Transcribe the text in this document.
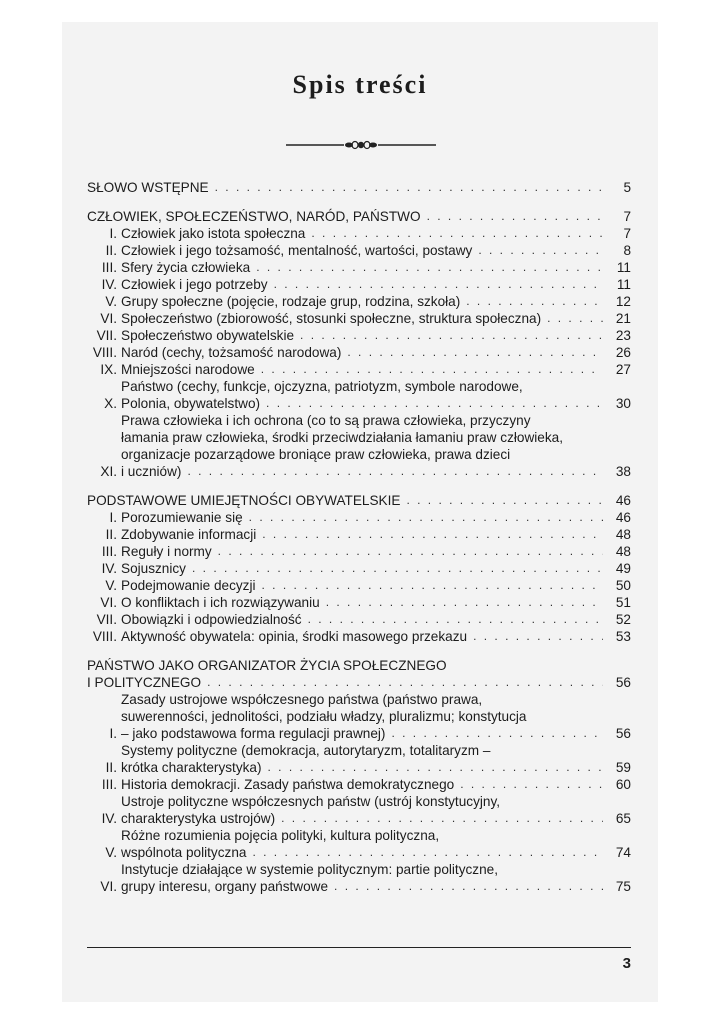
Spis treści
SŁOWO WSTĘPNE . . .	5
CZŁOWIEK, SPOŁECZEŃSTWO, NARÓD, PAŃSTWO . . .	7
I. Człowiek jako istota społeczna . . .	7
II. Człowiek i jego tożsamość, mentalność, wartości, postawy . . .	8
III. Sfery życia człowieka . . .	11
IV. Człowiek i jego potrzeby . . .	11
V. Grupy społeczne (pojęcie, rodzaje grup, rodzina, szkoła) . . .	12
VI. Społeczeństwo (zbiorowość, stosunki społeczne, struktura społeczna) . . .	21
VII. Społeczeństwo obywatelskie . . .	23
VIII. Naród (cechy, tożsamość narodowa) . . .	26
IX. Mniejszości narodowe . . .	27
X.
Państwo (cechy, funkcje, ojczyzna, patriotyzm, symbole narodowe,
Polonia, obywatelstwo) . . .	30
XI.
Prawa człowieka i ich ochrona (co to są prawa człowieka, przyczyny
łamania praw człowieka, środki przeciwdziałania łamaniu praw człowieka,
organizacje pozarządowe broniące praw człowieka, prawa dzieci
i uczniów) . . .	38
PODSTAWOWE UMIEJĘTNOŚCI OBYWATELSKIE . . .	46
I. Porozumiewanie się . . .	46
II. Zdobywanie informacji . . .	48
III. Reguły i normy . . .	48
IV. Sojusznicy . . .	49
V. Podejmowanie decyzji . . .	50
VI. O konfliktach i ich rozwiązywaniu . . .	51
VII. Obowiązki i odpowiedzialność . . .	52
VIII. Aktywność obywatela: opinia, środki masowego przekazu . . .	53
PAŃSTWO JAKO ORGANIZATOR ŻYCIA SPOŁECZNEGO
I POLITYCZNEGO . . .	56
I.
Zasady ustrojowe współczesnego państwa (państwo prawa,
suwerenności, jednolitości, podziału władzy, pluralizmu; konstytucja
– jako podstawowa forma regulacji prawnej) . . .	56
II.
Systemy polityczne (demokracja, autorytaryzm, totalitaryzm –
krótka charakterystyka) . . .	59
III. Historia demokracji. Zasady państwa demokratycznego . . .	60
IV.
Ustroje polityczne współczesnych państw (ustrój konstytucyjny,
charakterystyka ustrojów) . . .	65
V.
Różne rozumienia pojęcia polityki, kultura polityczna,
wspólnota polityczna . . .	74
VI.
Instytucje działające w systemie politycznym: partie polityczne,
grupy interesu, organy państwowe . . .	75
3
